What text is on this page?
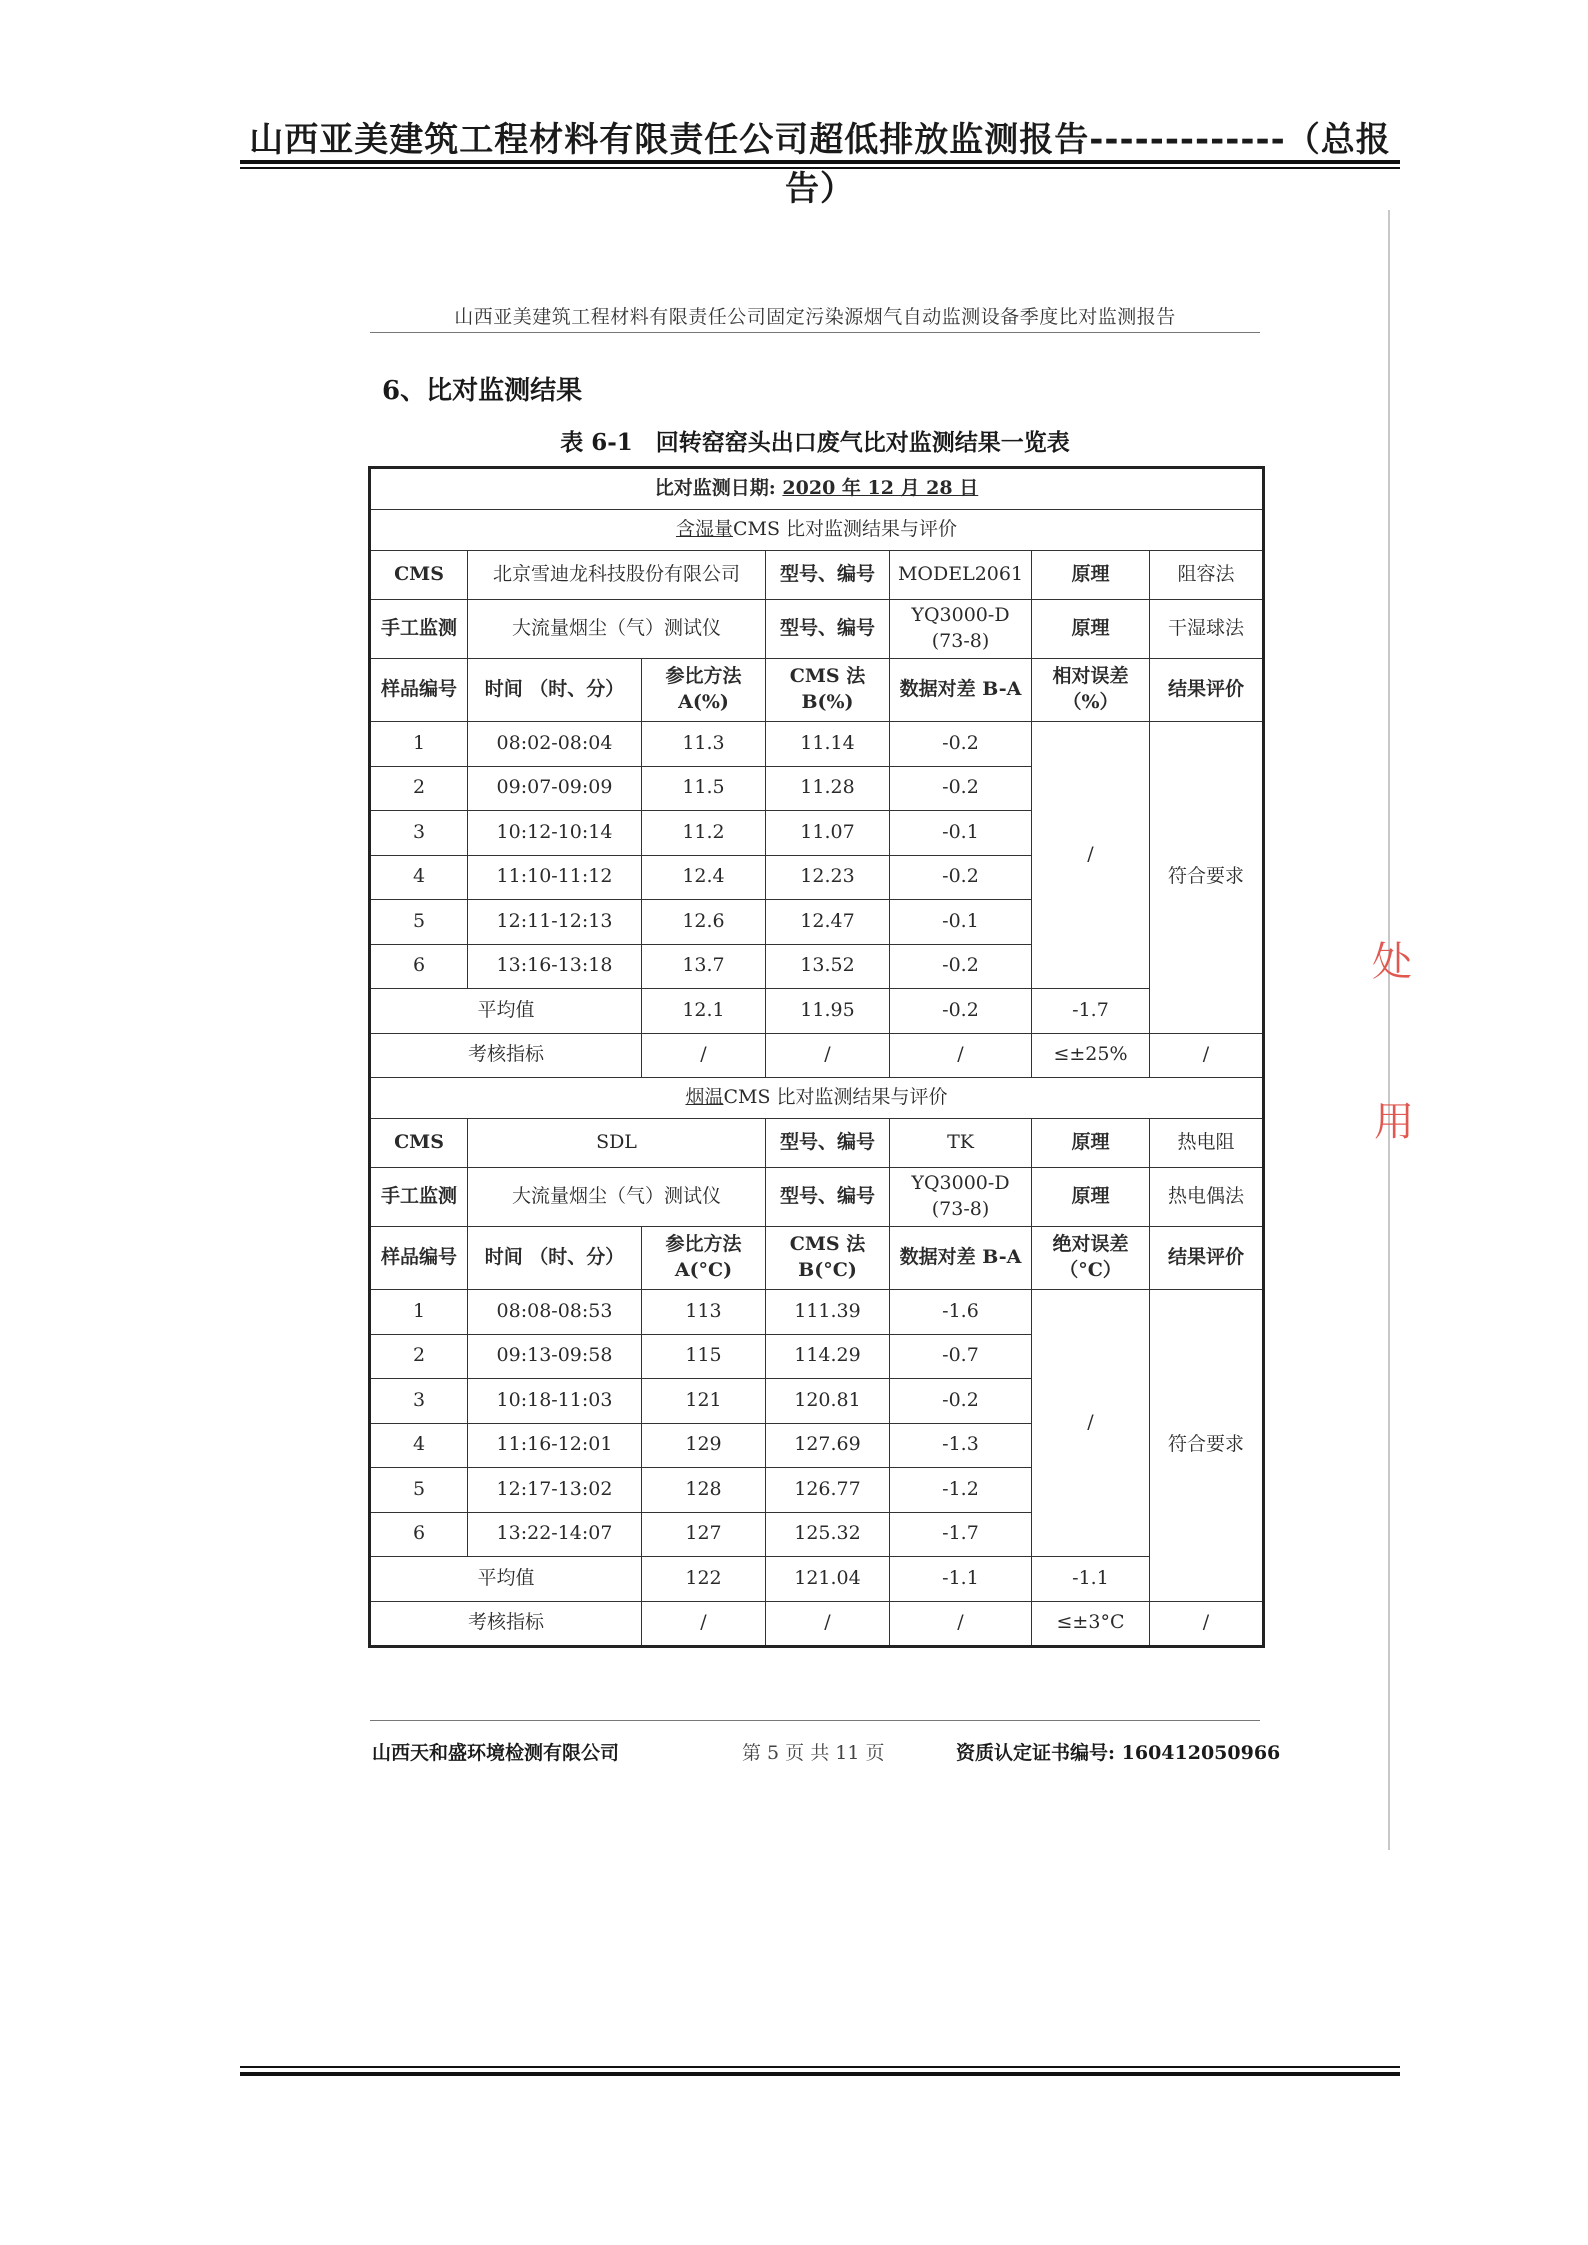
山西亚美建筑工程材料有限责任公司超低排放监测报告-------------（总报告）
处
用
山西亚美建筑工程材料有限责任公司固定污染源烟气自动监测设备季度比对监测报告
6、比对监测结果
表 6-1　回转窑窑头出口废气比对监测结果一览表
比对监测日期: 2020 年 12 月 28 日						
含湿量CMS 比对监测结果与评价						
CMS	北京雪迪龙科技股份有限公司		型号、编号	MODEL2061	原理	阻容法
手工监测	大流量烟尘（气）测试仪		型号、编号	YQ3000-D (73-8)	原理	干湿球法
样品编号	时间 （时、分）	参比方法 A(%)	CMS 法 B(%)	数据对差 B-A	相对误差 （%）	结果评价
1	08:02-08:04	11.3	11.14	-0.2	/	符合要求
2	09:07-09:09	11.5	11.28	-0.2		
3	10:12-10:14	11.2	11.07	-0.1		
4	11:10-11:12	12.4	12.23	-0.2		
5	12:11-12:13	12.6	12.47	-0.1		
6	13:16-13:18	13.7	13.52	-0.2		
平均值		12.1	11.95	-0.2	-1.7	
考核指标		/	/	/	≤±25%	/
烟温CMS 比对监测结果与评价						
CMS	SDL		型号、编号	TK	原理	热电阻
手工监测	大流量烟尘（气）测试仪		型号、编号	YQ3000-D (73-8)	原理	热电偶法
样品编号	时间 （时、分）	参比方法 A(°C)	CMS 法 B(°C)	数据对差 B-A	绝对误差 （°C）	结果评价
1	08:08-08:53	113	111.39	-1.6	/	符合要求
2	09:13-09:58	115	114.29	-0.7		
3	10:18-11:03	121	120.81	-0.2		
4	11:16-12:01	129	127.69	-1.3		
5	12:17-13:02	128	126.77	-1.2		
6	13:22-14:07	127	125.32	-1.7		
平均值		122	121.04	-1.1	-1.1	
考核指标		/	/	/	≤±3°C	/
山西天和盛环境检测有限公司	第 5 页 共 11 页	资质认定证书编号: 160412050966
